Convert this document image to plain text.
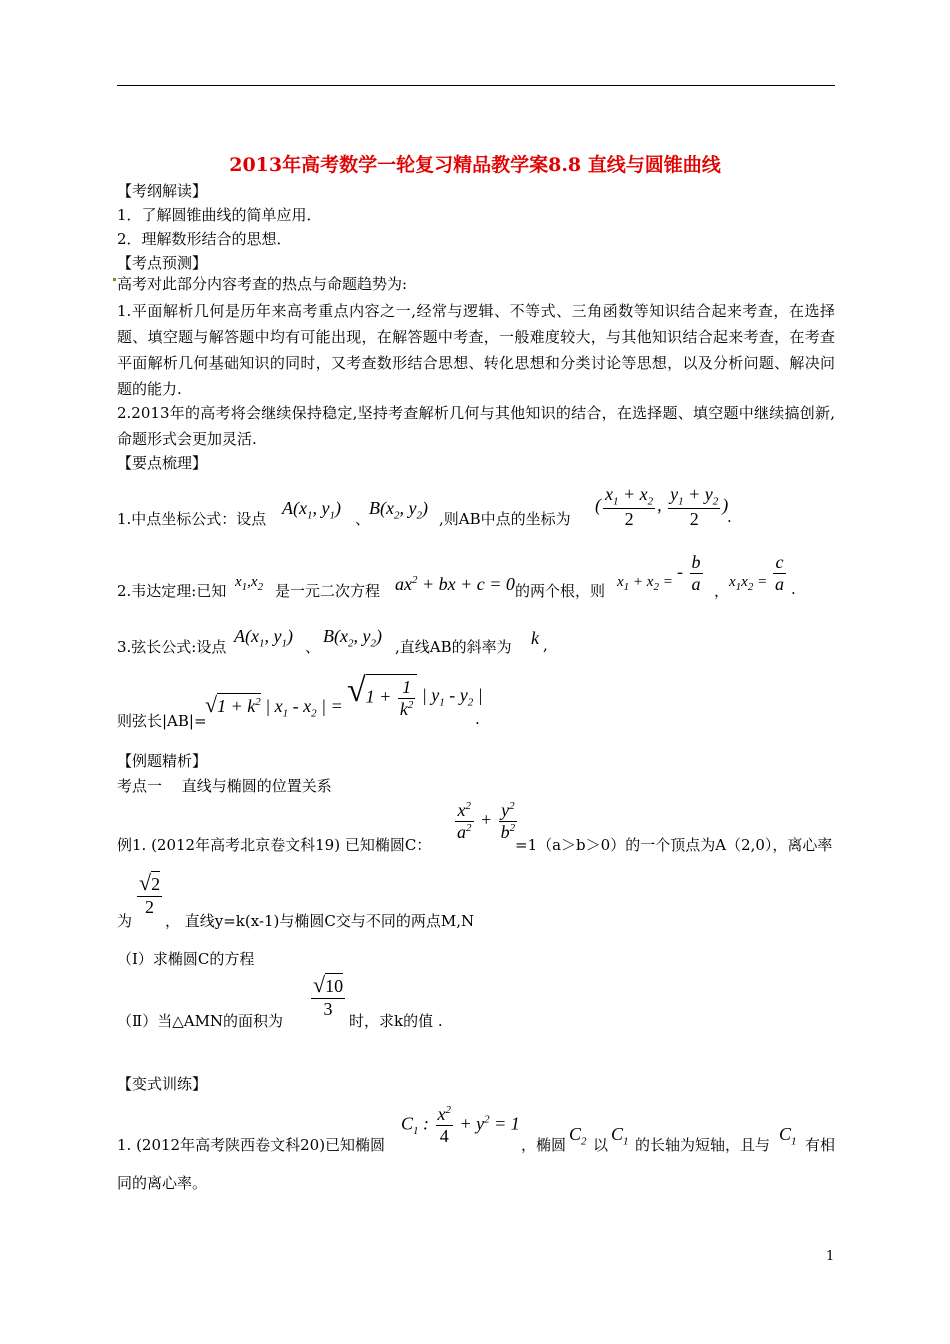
2013年高考数学一轮复习精品教学案8.8 直线与圆锥曲线
【考纲解读】
1．了解圆锥曲线的简单应用．
2．理解数形结合的思想．
【考点预测】
高考对此部分内容考查的热点与命题趋势为:
1.平面解析几何是历年来高考重点内容之一,经常与逻辑、不等式、三角函数等知识结合起来考查，在选择题、填空题与解答题中均有可能出现，在解答题中考查，一般难度较大，与其他知识结合起来考查，在考查平面解析几何基础知识的同时，又考查数形结合思想、转化思想和分类讨论等思想，以及分析问题、解决问题的能力.
2.2013年的高考将会继续保持稳定,坚持考查解析几何与其他知识的结合，在选择题、填空题中继续搞创新,命题形式会更加灵活.
【要点梳理】
1.中点坐标公式：设点
$A(x_1$, $y_1$)
、
$B(x_2$, $y_2$)
,则AB中点的坐标为
( $\frac{x_1 + x_2}{2}$ , $\frac{y_1 + y_2}{2}$ )
.
2.韦达定理:已知 $x_1,x_2$ 是一元二次方程 $ax^2$ + bx + c = 0 的两个根，则 $x_1 + x_2$ =
- $\frac{b}{a}$ ， $x_1x_2 = \frac{c}{a}$ .
3.弦长公式:设点
$A(x_1$, $y_1$)
、
$B(x_2$, $y_2$)
,直线AB的斜率为 k ,
则弦长|AB|=
$√1 + k^2$ | $x_1 - x_2$ | = $√1 + \frac{1}{k^2}$ | $y_1 - y_2$ |
.
【例题精析】
考点一　 直线与椭圆的位置关系
例1. (2012年高考北京卷文科19) 已知椭圆C：
$\frac{x^2}{a^2} + \frac{y^2}{b^2}$
=1（a＞b＞0）的一个顶点为A（2,0），离心率
为
$\frac{√2}{2}$
， 直线y=k(x-1)与椭圆C交与不同的两点M,N
（Ⅰ）求椭圆C的方程
（Ⅱ）当△AMN的面积为
$\frac{√10}{3}$
时，求k的值 .
【变式训练】
1. (2012年高考陕西卷文科20)已知椭圆
$C_1$ : $\frac{x^2}{4} + y^2 = 1$
，椭圆
$C_2$ 以
$C_1$ 的长轴为短轴，且与
$C_1$ 有相
同的离心率。
1
